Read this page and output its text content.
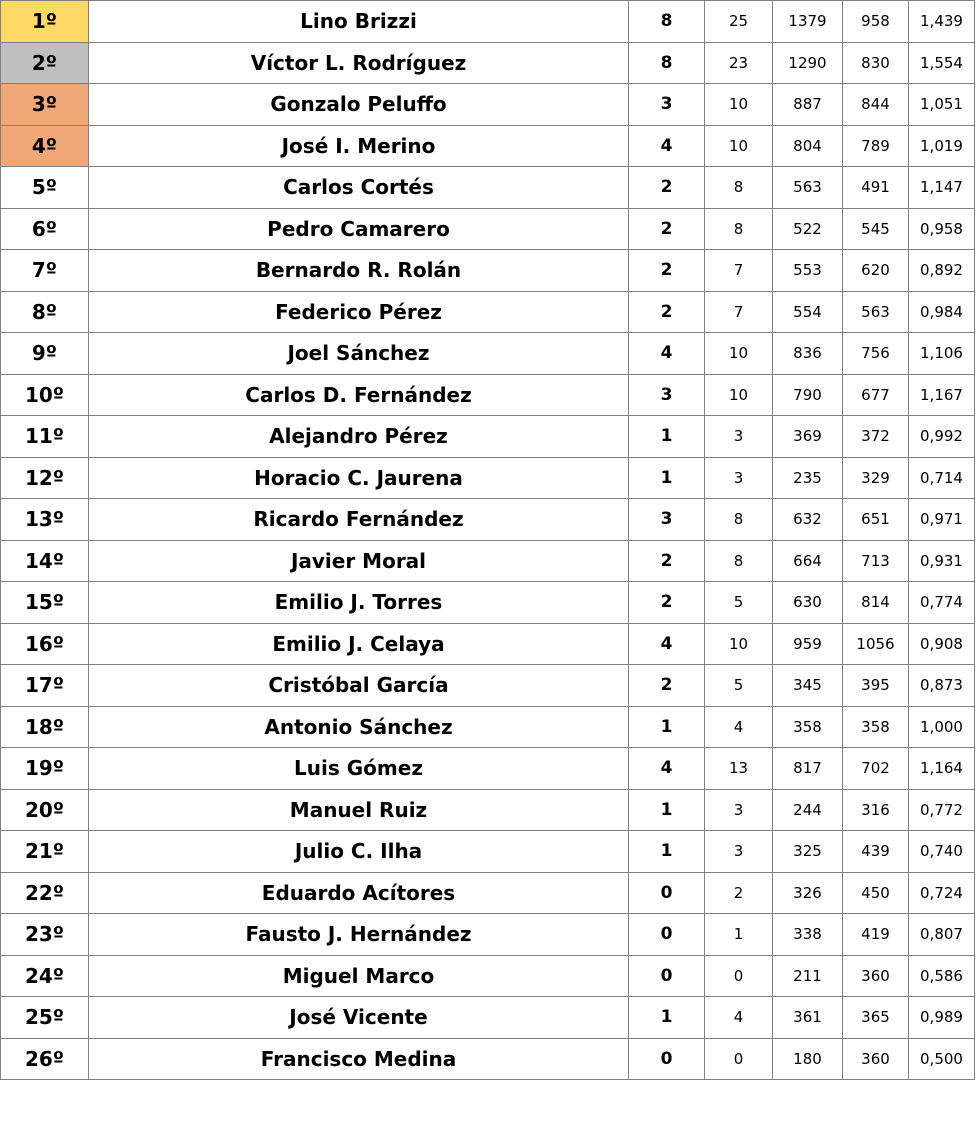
1º	Lino Brizzi	8	25	1379	958	1,439
2º	Víctor L. Rodríguez	8	23	1290	830	1,554
3º	Gonzalo Peluffo	3	10	887	844	1,051
4º	José I. Merino	4	10	804	789	1,019
5º	Carlos Cortés	2	8	563	491	1,147
6º	Pedro Camarero	2	8	522	545	0,958
7º	Bernardo R. Rolán	2	7	553	620	0,892
8º	Federico Pérez	2	7	554	563	0,984
9º	Joel Sánchez	4	10	836	756	1,106
10º	Carlos D. Fernández	3	10	790	677	1,167
11º	Alejandro Pérez	1	3	369	372	0,992
12º	Horacio C. Jaurena	1	3	235	329	0,714
13º	Ricardo Fernández	3	8	632	651	0,971
14º	Javier Moral	2	8	664	713	0,931
15º	Emilio J. Torres	2	5	630	814	0,774
16º	Emilio J. Celaya	4	10	959	1056	0,908
17º	Cristóbal García	2	5	345	395	0,873
18º	Antonio Sánchez	1	4	358	358	1,000
19º	Luis Gómez	4	13	817	702	1,164
20º	Manuel Ruiz	1	3	244	316	0,772
21º	Julio C. Ilha	1	3	325	439	0,740
22º	Eduardo Acítores	0	2	326	450	0,724
23º	Fausto J. Hernández	0	1	338	419	0,807
24º	Miguel Marco	0	0	211	360	0,586
25º	José Vicente	1	4	361	365	0,989
26º	Francisco Medina	0	0	180	360	0,500
